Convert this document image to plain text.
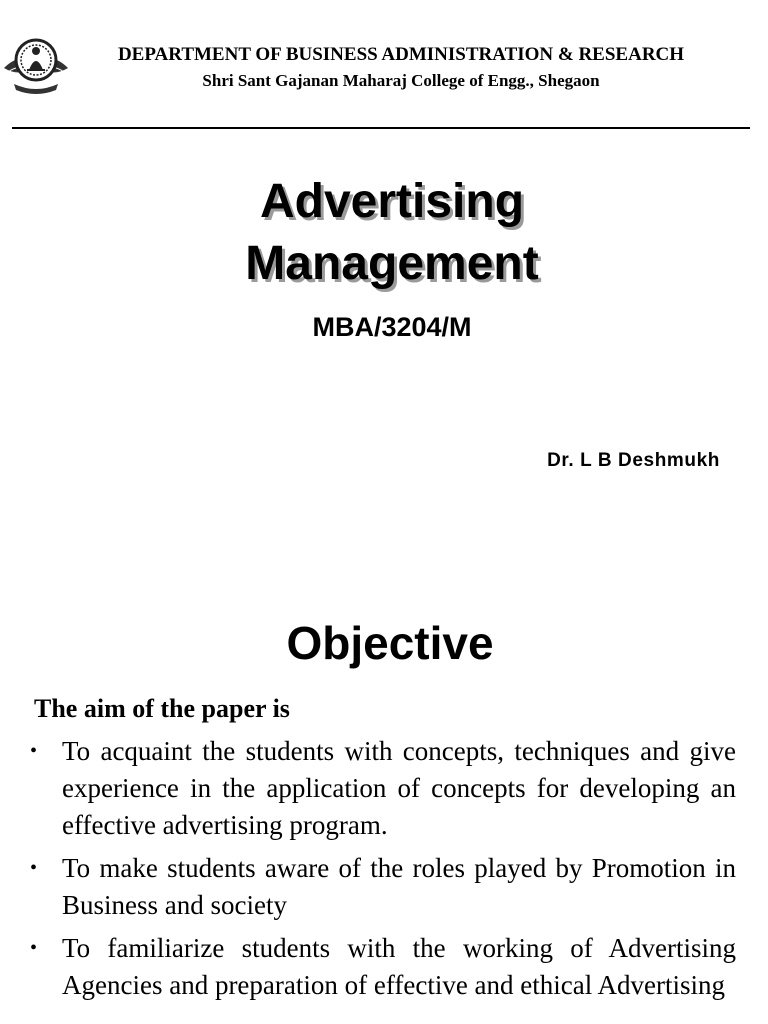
DEPARTMENT OF BUSINESS ADMINISTRATION & RESEARCH
Shri Sant Gajanan Maharaj College of Engg., Shegaon
Advertising
Management
MBA/3204/M
Dr. L B Deshmukh
Objective
The aim of the paper is
• To acquaint the students with concepts, techniques and give experience in the application of concepts for developing an effective advertising program.
• To make students aware of the roles played by Promotion in Business and society
• To familiarize students with the working of Advertising Agencies and preparation of effective and ethical Advertising
